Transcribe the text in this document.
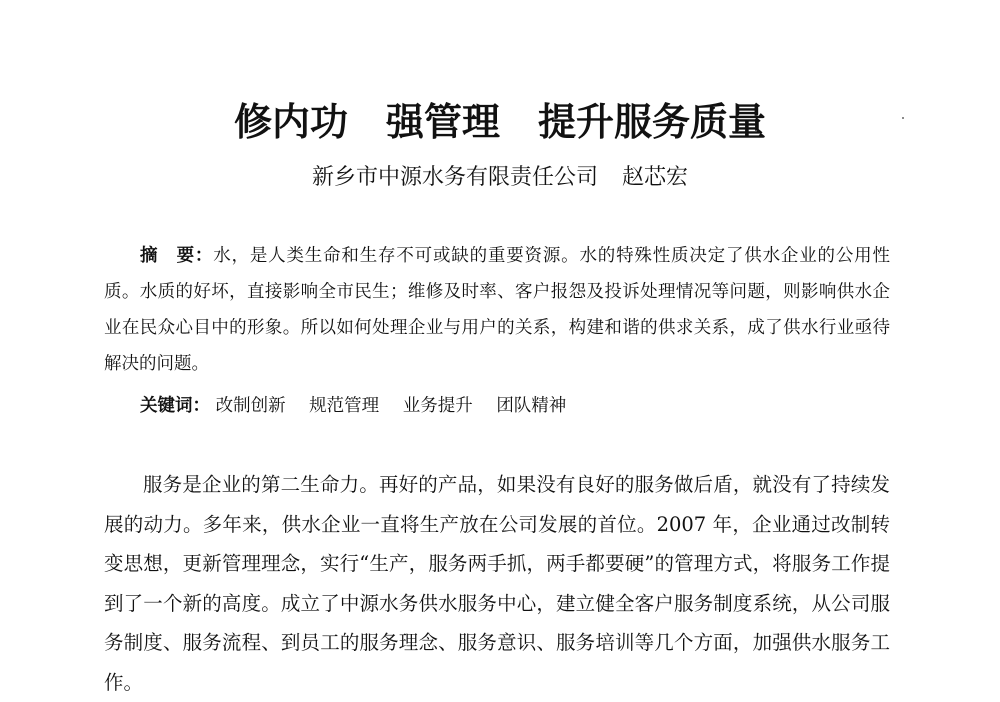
修内功 强管理 提升服务质量
新乡市中源水务有限责任公司 赵芯宏
摘　要：水，是人类生命和生存不可或缺的重要资源。水的特殊性质决定了供水企业的公用性质。水质的好坏，直接影响全市民生；维修及时率、客户报怨及投诉处理情况等问题，则影响供水企业在民众心目中的形象。所以如何处理企业与用户的关系，构建和谐的供求关系，成了供水行业亟待解决的问题。
关键词： 改制创新 规范管理 业务提升 团队精神
服务是企业的第二生命力。再好的产品，如果没有良好的服务做后盾，就没有了持续发展的动力。多年来，供水企业一直将生产放在公司发展的首位。2007 年，企业通过改制转变思想，更新管理理念，实行“生产，服务两手抓，两手都要硬”的管理方式，将服务工作提到了一个新的高度。成立了中源水务供水服务中心，建立健全客户服务制度系统，从公司服务制度、服务流程、到员工的服务理念、服务意识、服务培训等几个方面，加强供水服务工作。
